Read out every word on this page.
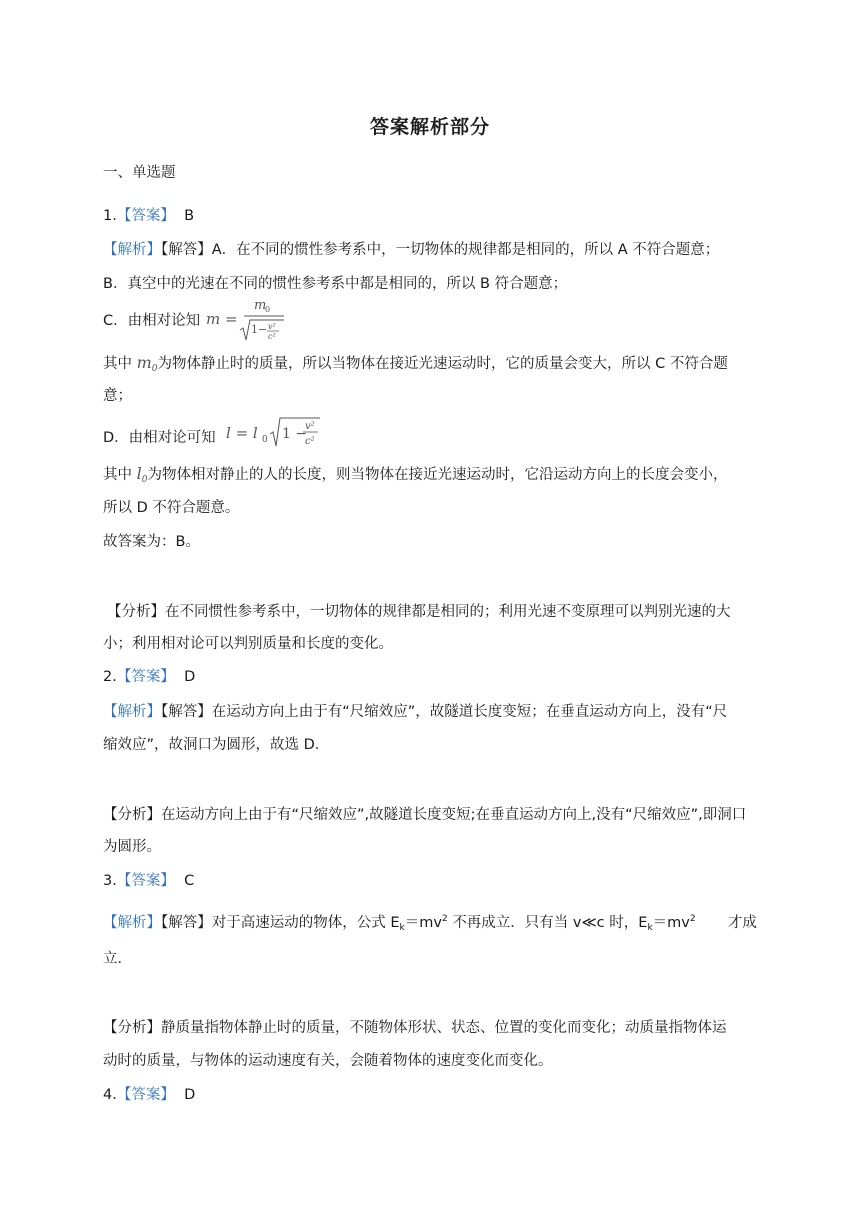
答案解析部分
一、单选题
1.【答案】 B
【解析】【解答】A．在不同的惯性参考系中，一切物体的规律都是相同的，所以 A 不符合题意；
B．真空中的光速在不同的惯性参考系中都是相同的，所以 B 符合题意；
C．由相对论知 m =
m
0
1− v²
c²
其中 $m_0$为物体静止时的质量，所以当物体在接近光速运动时，它的质量会变大，所以 C 不符合题
意；
D．由相对论可知 l = l 0 1 −
v²
c²
其中 $l_0$为物体相对静止的人的长度，则当物体在接近光速运动时，它沿运动方向上的长度会变小，
所以 D 不符合题意。
故答案为：B。
【分析】在不同惯性参考系中，一切物体的规律都是相同的；利用光速不变原理可以判别光速的大
小；利用相对论可以判别质量和长度的变化。
2.【答案】 D
【解析】【解答】在运动方向上由于有“尺缩效应”，故隧道长度变短；在垂直运动方向上，没有“尺
缩效应”，故洞口为圆形，故选 D.
【分析】在运动方向上由于有“尺缩效应”,故隧道长度变短;在垂直运动方向上,没有“尺缩效应”,即洞口
为圆形。
3.【答案】 C
【解析】【解答】对于高速运动的物体，公式 $E_k=mv^2$ 不再成立．只有当 v≪c 时，$E_k=mv^2$ 才成
立．
【分析】静质量指物体静止时的质量，不随物体形状、状态、位置的变化而变化；动质量指物体运
动时的质量，与物体的运动速度有关，会随着物体的速度变化而变化。
4.【答案】 D
